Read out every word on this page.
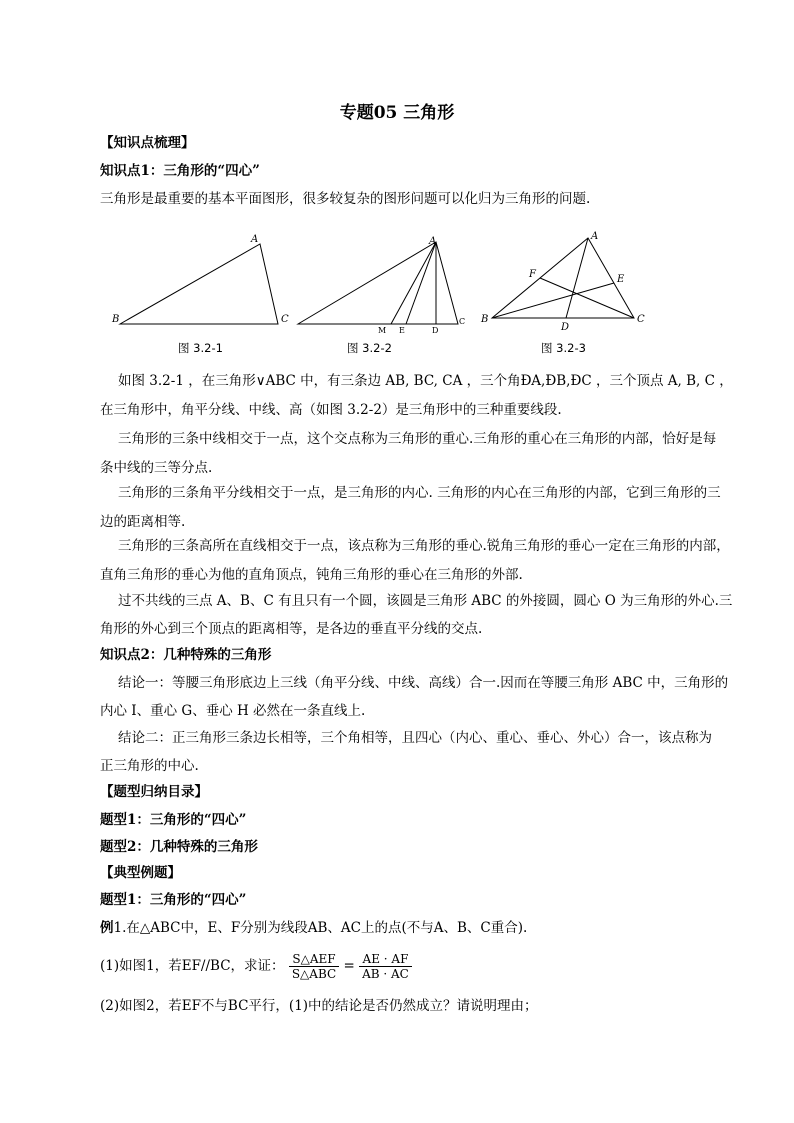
专题05 三角形
【知识点梳理】
知识点1：三角形的“四心”
三角形是最重要的基本平面图形，很多较复杂的图形问题可以化归为三角形的问题.
A
B	C
图 3.2-1
A
M E	D
C
图 3.2-2
A
B	C
D
E
F
图 3.2-3
如图 3.2-1 ，在三角形∨ABC 中，有三条边 AB, BC, CA ，三个角ÐA,ÐB,ÐC ，三个顶点 A, B, C ，
在三角形中，角平分线、中线、高（如图 3.2-2）是三角形中的三种重要线段.
三角形的三条中线相交于一点，这个交点称为三角形的重心.三角形的重心在三角形的内部，恰好是每
条中线的三等分点.
三角形的三条角平分线相交于一点，是三角形的内心. 三角形的内心在三角形的内部，它到三角形的三
边的距离相等.
三角形的三条高所在直线相交于一点，该点称为三角形的垂心.锐角三角形的垂心一定在三角形的内部，
直角三角形的垂心为他的直角顶点，钝角三角形的垂心在三角形的外部.
过不共线的三点 A、B、C 有且只有一个圆，该圆是三角形 ABC 的外接圆，圆心 O 为三角形的外心.三
角形的外心到三个顶点的距离相等，是各边的垂直平分线的交点.
知识点2：几种特殊的三角形
结论一：等腰三角形底边上三线（角平分线、中线、高线）合一.因而在等腰三角形 ABC 中，三角形的
内心 I、重心 G、垂心 H 必然在一条直线上.
结论二：正三角形三条边长相等，三个角相等，且四心（内心、重心、垂心、外心）合一，该点称为
正三角形的中心.
【题型归纳目录】
题型1：三角形的“四心”
题型2：几种特殊的三角形
【典型例题】
题型1：三角形的“四心”
例1.在△ABC中，E、F分别为线段AB、AC上的点(不与A、B、C重合).
(1)如图1，若EF//BC，求证： $\frac{\text{S△AEF}}{\text{S△ABC}} = \frac{AE \cdot AF}{AB \cdot AC}$
(2)如图2，若EF不与BC平行，(1)中的结论是否仍然成立？请说明理由；
